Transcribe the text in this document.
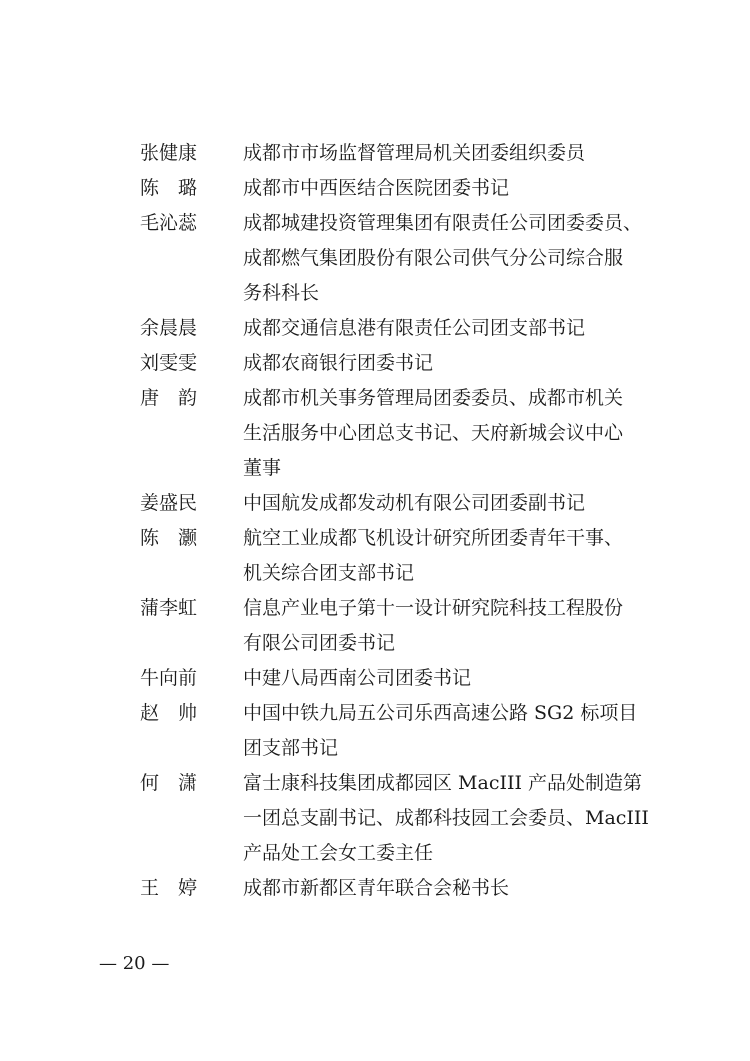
张健康	成都市市场监督管理局机关团委组织委员
陈　璐	成都市中西医结合医院团委书记
毛沁蕊	成都城建投资管理集团有限责任公司团委委员、
成都燃气集团股份有限公司供气分公司综合服
务科科长
余晨晨	成都交通信息港有限责任公司团支部书记
刘雯雯	成都农商银行团委书记
唐　韵	成都市机关事务管理局团委委员、成都市机关
生活服务中心团总支书记、天府新城会议中心
董事
姜盛民	中国航发成都发动机有限公司团委副书记
陈　灏	航空工业成都飞机设计研究所团委青年干事、
机关综合团支部书记
蒲李虹	信息产业电子第十一设计研究院科技工程股份
有限公司团委书记
牛向前	中建八局西南公司团委书记
赵　帅	中国中铁九局五公司乐西高速公路 SG2 标项目
团支部书记
何　潇	富士康科技集团成都园区 MacIII 产品处制造第
一团总支副书记、成都科技园工会委员、MacIII
产品处工会女工委主任
王　婷	成都市新都区青年联合会秘书长
— 20 —
